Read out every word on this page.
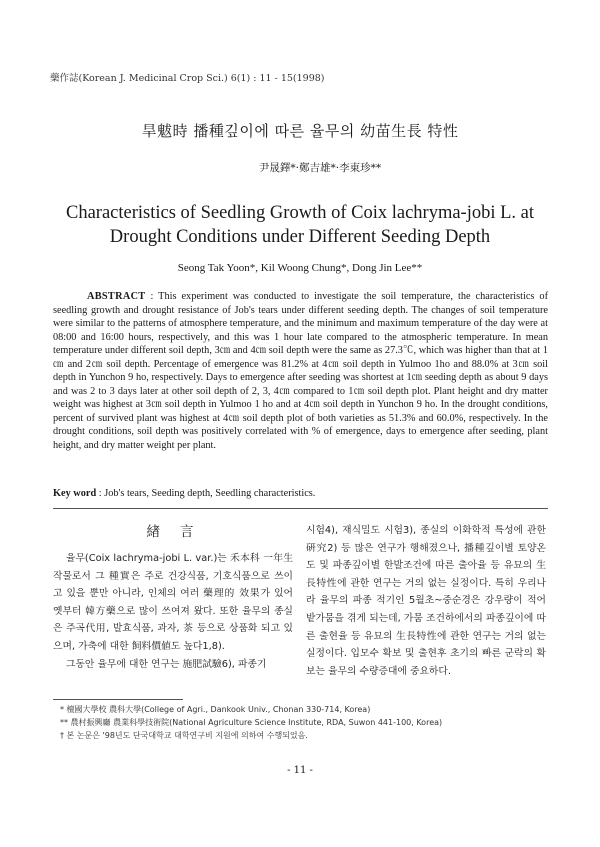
藥作誌(Korean J. Medicinal Crop Sci.) 6(1) : 11 - 15(1998)
旱魃時 播種깊이에 따른 율무의 幼苗生長 特性
尹晟鐸*·鄭吉雄*·李東珍**
Characteristics of Seedling Growth of Coix lachryma-jobi L. at Drought Conditions under Different Seeding Depth
Seong Tak Yoon*, Kil Woong Chung*, Dong Jin Lee**
ABSTRACT : This experiment was conducted to investigate the soil temperature, the characteristics of seedling growth and drought resistance of Job's tears under different seeding depth. The changes of soil temperature were similar to the patterns of atmosphere temperature, and the minimum and maximum temperature of the day were at 08:00 and 16:00 hours, respectively, and this was 1 hour late compared to the atmospheric temperature. In mean temperature under different soil depth, 3㎝ and 4㎝ soil depth were the same as 27.3℃, which was higher than that at 1㎝ and 2㎝ soil depth. Percentage of emergence was 81.2% at 4㎝ soil depth in Yulmoo 1ho and 88.0% at 3㎝ soil depth in Yunchon 9 ho, respectively. Days to emergence after seeding was shortest at 1㎝ seeding depth as about 9 days and was 2 to 3 days later at other soil depth of 2, 3, 4㎝ compared to 1㎝ soil depth plot. Plant height and dry matter weight was highest at 3㎝ soil depth in Yulmoo 1 ho and at 4㎝ soil depth in Yunchon 9 ho. In the drought conditions, percent of survived plant was highest at 4㎝ soil depth plot of both varieties as 51.3% and 60.0%, respectively. In the drought conditions, soil depth was positively correlated with % of emergence, days to emergence after seeding, plant height, and dry matter weight per plant.
Key word : Job's tears, Seeding depth, Seedling characteristics.
緖言

율무(Coix lachryma-jobi L. var.)는 禾本科 一年生 작물로서 그 種實은 주로 건강식품, 기호식품으로 쓰이고 있을 뿐만 아니라, 인체의 여러 藥理的 效果가 있어 옛부터 韓方藥으로 많이 쓰여져 왔다. 또한 율무의 종실은 주곡代用, 발효식품, 과자, 茶 등으로 상품화 되고 있으며, 가축에 대한 飼料價値도 높다1,8).

그동안 율무에 대한 연구는 施肥試驗6), 파종기

시험4), 재식밀도 시험3), 종실의 이화학적 특성에 관한 硏究2) 등 많은 연구가 행해졌으나, 播種깊이별 토양온도 및 파종깊이별 한발조건에 따른 출아율 등 유묘의 生長特性에 관한 연구는 거의 없는 실정이다. 특히 우리나라 율무의 파종 적기인 5월초~중순경은 강우량이 적어 밭가뭄을 겪게 되는데, 가뭄 조건하에서의 파종깊이에 따른 출현율 등 유묘의 生長特性에 관한 연구는 거의 없는 실정이다. 입모수 확보 및 출현후 초기의 빠른 군락의 확보는 율무의 수량증대에 중요하다.

* 檀國大學校 農科大學(College of Agri., Dankook Univ., Chonan 330-714, Korea)
** 農村振興廳 農業科學技術院(National Agriculture Science Institute, RDA, Suwon 441-100, Korea)
† 본 논문은 '98년도 단국대학교 대학연구비 지원에 의하여 수행되었음.
- 11 -
